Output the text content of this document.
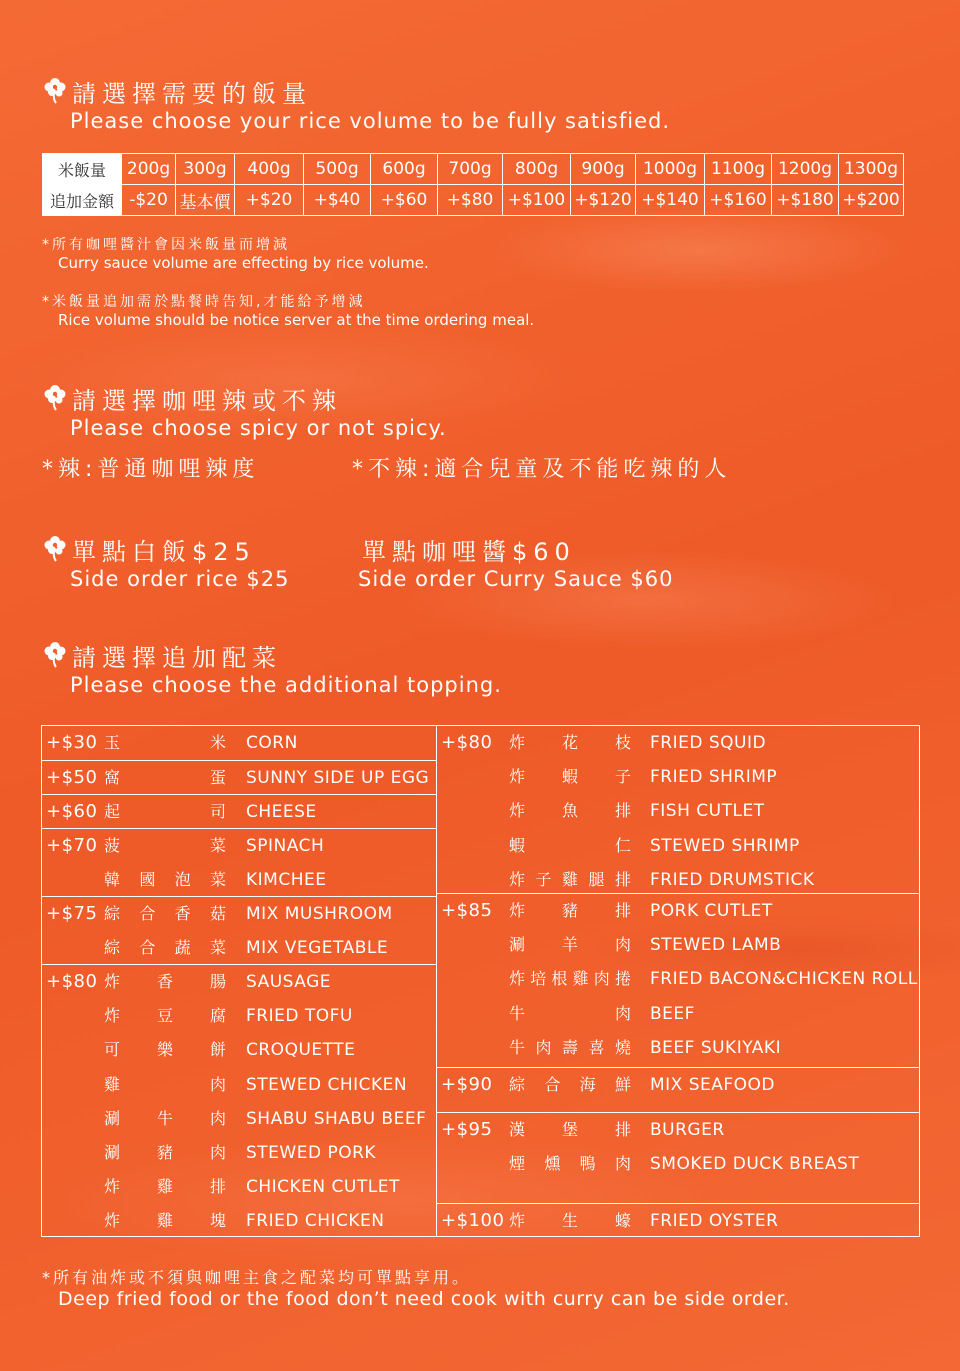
請選擇需要的飯量
Please choose your rice volume to be fully satisfied.
米飯量	200g	300g	400g	500g	600g	700g	800g	900g	1000g	1100g	1200g	1300g
追加金額	-$20	基本價	+$20	+$40	+$60	+$80	+$100	+$120	+$140	+$160	+$180	+$200
*所有咖哩醬汁會因米飯量而增減
Curry sauce volume are effecting by rice volume.
*米飯量追加需於點餐時告知,才能給予增減
Rice volume should be notice server at the time ordering meal.
請選擇咖哩辣或不辣
Please choose spicy or not spicy.
*辣:普通咖哩辣度	*不辣:適合兒童及不能吃辣的人
單點白飯$25
Side order rice $25
單點咖哩醬$60
Side order Curry Sauce $60
請選擇追加配菜
Please choose the additional topping.
+$30 玉	米 CORN
+$50 窩	蛋 SUNNY SIDE UP EGG
+$60 起	司 CHEESE
+$70 菠	菜 SPINACH
韓 國 泡 菜 KIMCHEE
+$75 綜 合 香 菇 MIX MUSHROOM
綜 合 蔬 菜 MIX VEGETABLE
+$80 炸 香 腸 SAUSAGE
炸 豆 腐 FRIED TOFU
可 樂 餅 CROQUETTE
雞	肉 STEWED CHICKEN
涮 牛 肉 SHABU SHABU BEEF
涮 豬 肉 STEWED PORK
炸 雞 排 CHICKEN CUTLET
炸 雞 塊 FRIED CHICKEN
+$80 炸 花 枝 FRIED SQUID
炸 蝦 子 FRIED SHRIMP
炸 魚 排 FISH CUTLET
蝦	仁 STEWED SHRIMP
炸 子 雞 腿 排 FRIED DRUMSTICK
+$85 炸 豬 排 PORK CUTLET
涮 羊 肉 STEWED LAMB
炸 培 根 雞 肉 捲 FRIED BACON&CHICKEN ROLL
牛	肉 BEEF
牛 肉 壽 喜 燒 BEEF SUKIYAKI
+$90 綜 合 海 鮮 MIX SEAFOOD
+$95 漢 堡 排 BURGER
煙 燻 鴨 肉 SMOKED DUCK BREAST
+$100 炸 生 蠔 FRIED OYSTER
*所有油炸或不須與咖哩主食之配菜均可單點享用。
Deep fried food or the food don’t need cook with curry can be side order.
